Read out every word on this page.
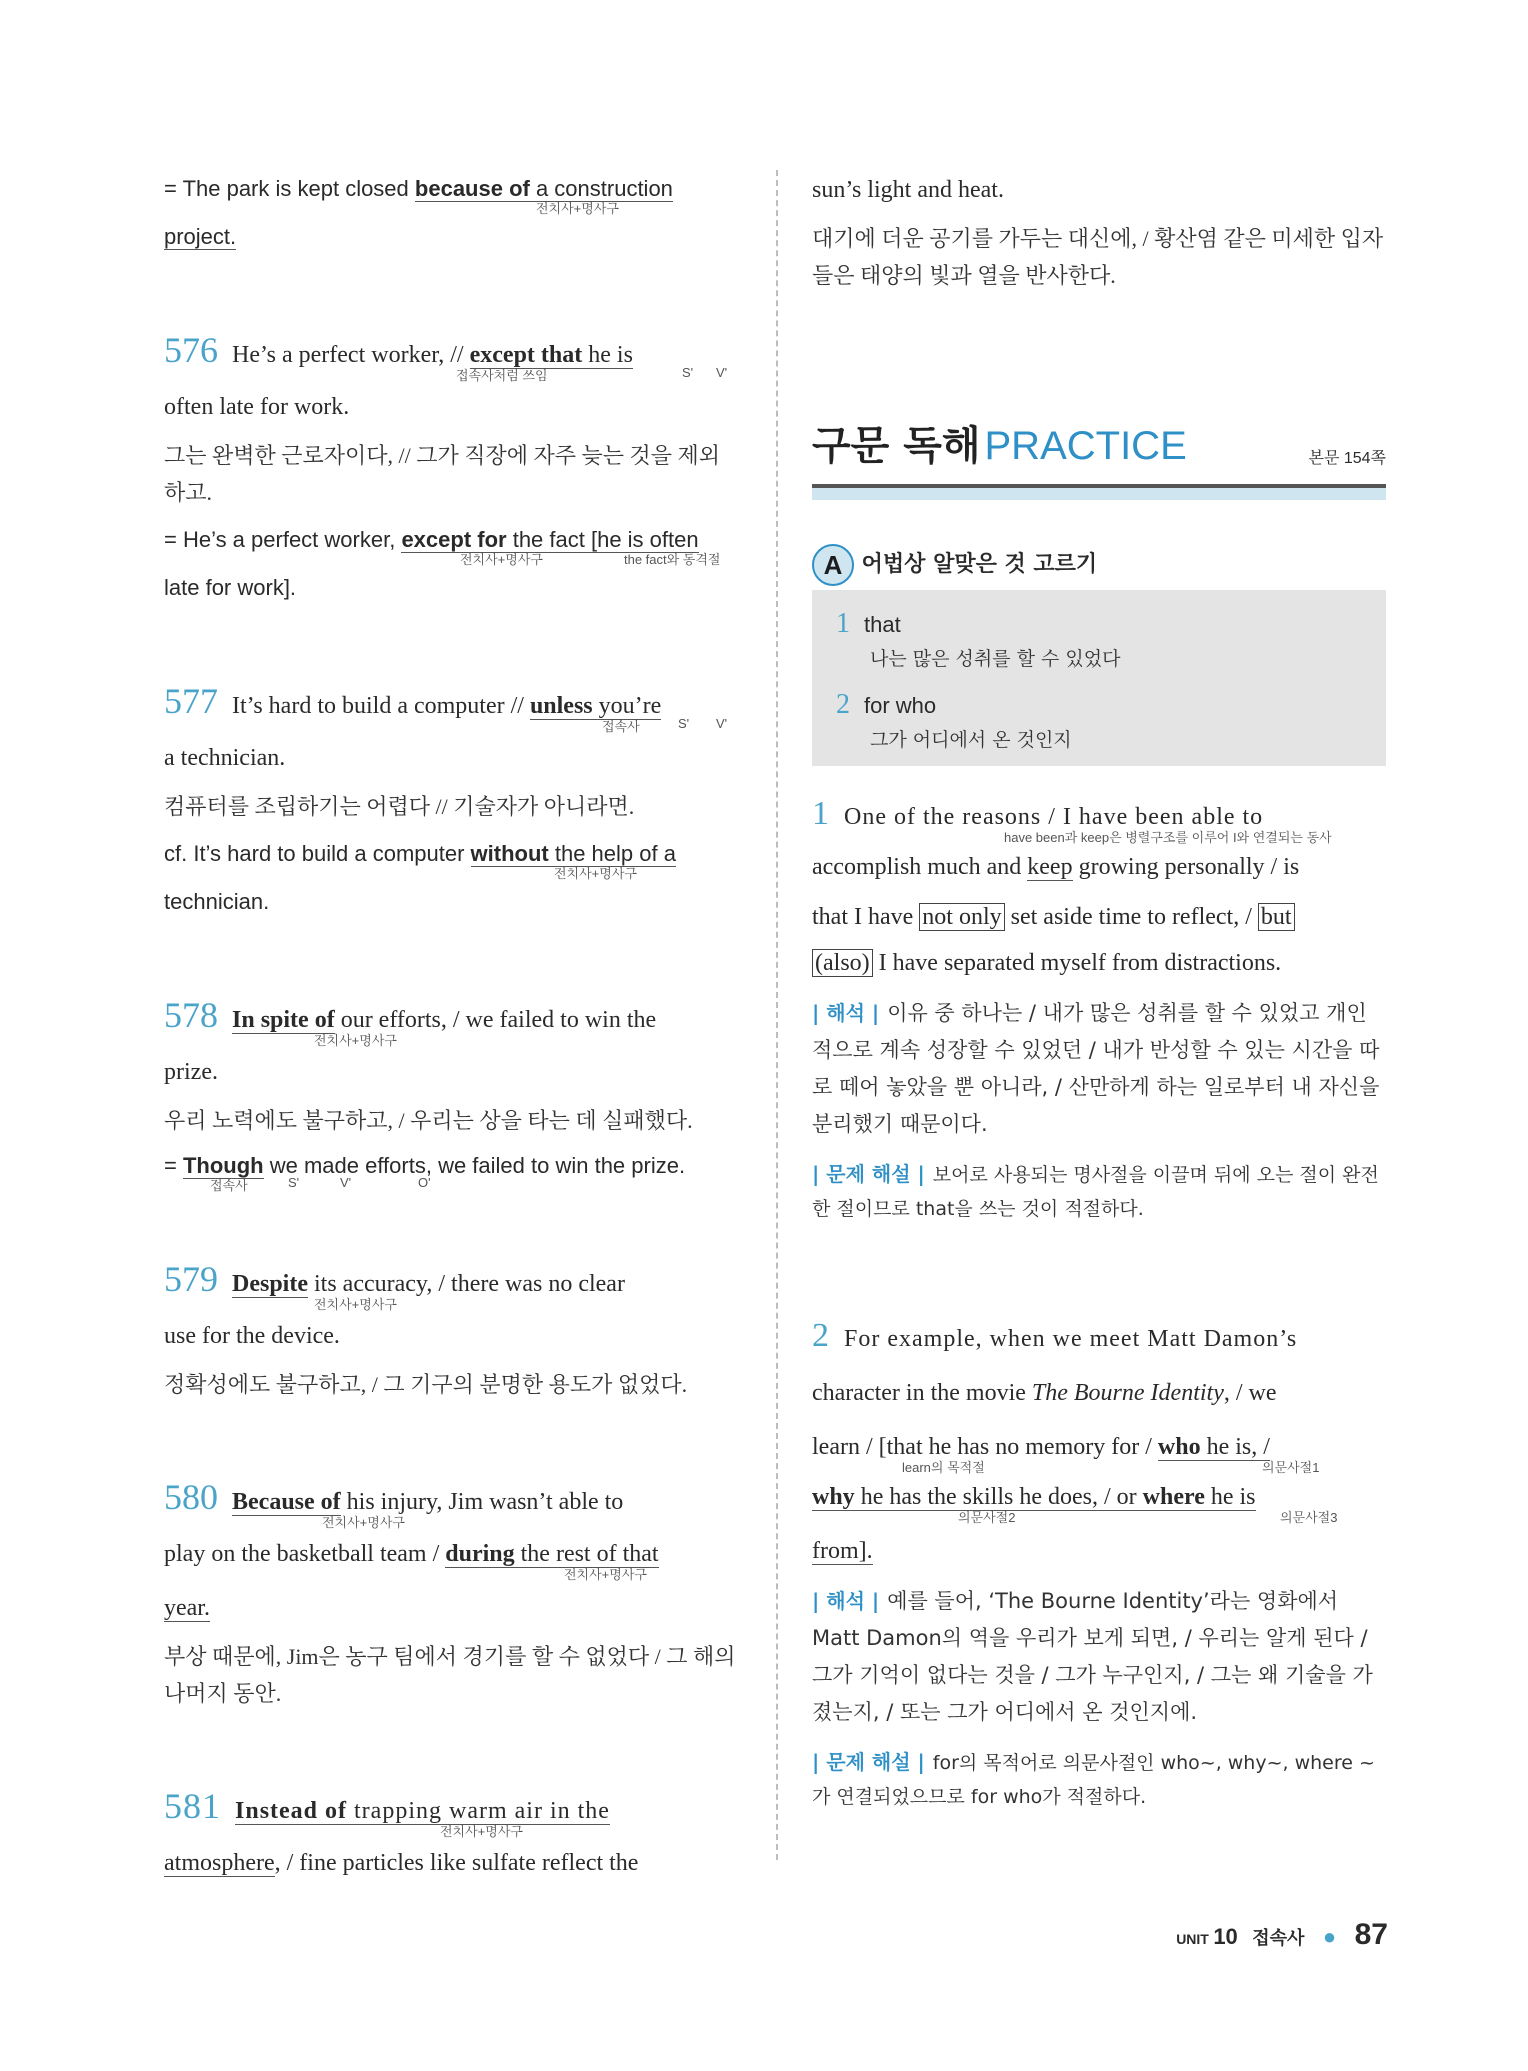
= The park is kept closed because of a construction
전치사+명사구
project.
576 He’s a perfect worker, // except that he is
접속사처럼 쓰임	S' V'
often late for work.
그는 완벽한 근로자이다, // 그가 직장에 자주 늦는 것을 제외하고.
= He’s a perfect worker, except for the fact [he is often
전치사+명사구	the fact와 동격절
late for work].
577 It’s hard to build a computer // unless you’re
접속사	S' V'
a technician.
컴퓨터를 조립하기는 어렵다 // 기술자가 아니라면.
cf. It’s hard to build a computer without the help of a
전치사+명사구
technician.
578 In spite of our efforts, / we failed to win the
전치사+명사구
prize.
우리 노력에도 불구하고, / 우리는 상을 타는 데 실패했다.
= Though we made efforts, we failed to win the prize.
접속사	S'	V'	O'
579 Despite its accuracy, / there was no clear
전치사+명사구
use for the device.
정확성에도 불구하고, / 그 기구의 분명한 용도가 없었다.
580 Because of his injury, Jim wasn’t able to
전치사+명사구
play on the basketball team / during the rest of that
전치사+명사구
year.
부상 때문에, Jim은 농구 팀에서 경기를 할 수 없었다 / 그 해의 나머지 동안.
581 Instead of trapping warm air in the
전치사+명사구
atmosphere, / fine particles like sulfate reflect the
sun’s light and heat.
대기에 더운 공기를 가두는 대신에, / 황산염 같은 미세한 입자들은 태양의 빛과 열을 반사한다.
구문 독해 PRACTICE	본문 154쪽
A 어법상 알맞은 것 고르기
1 that
나는 많은 성취를 할 수 있었다
2 for who
그가 어디에서 온 것인지
1 One of the reasons / I have been able to
have been과 keep은 병렬구조를 이루어 I와 연결되는 동사
accomplish much and keep growing personally / is
that I have not only set aside time to reflect, / but
(also) I have separated myself from distractions.
| 해석 | 이유 중 하나는 / 내가 많은 성취를 할 수 있었고 개인적으로 계속 성장할 수 있었던 / 내가 반성할 수 있는 시간을 따로 떼어 놓았을 뿐 아니라, / 산만하게 하는 일로부터 내 자신을 분리했기 때문이다.
| 문제 해설 | 보어로 사용되는 명사절을 이끌며 뒤에 오는 절이 완전한 절이므로 that을 쓰는 것이 적절하다.
2 For example, when we meet Matt Damon’s
character in the movie The Bourne Identity, / we
learn / [that he has no memory for / who he is, /
learn의 목적절	의문사절1
why he has the skills he does, / or where he is
의문사절2	의문사절3
from].
| 해석 | 예를 들어, ‘The Bourne Identity’라는 영화에서 Matt Damon의 역을 우리가 보게 되면, / 우리는 알게 된다 / 그가 기억이 없다는 것을 / 그가 누구인지, / 그는 왜 기술을 가졌는지, / 또는 그가 어디에서 온 것인지에.
| 문제 해설 | for의 목적어로 의문사절인 who~, why~, where ~가 연결되었으므로 for who가 적절하다.
UNIT 10 접속사 ● 87
